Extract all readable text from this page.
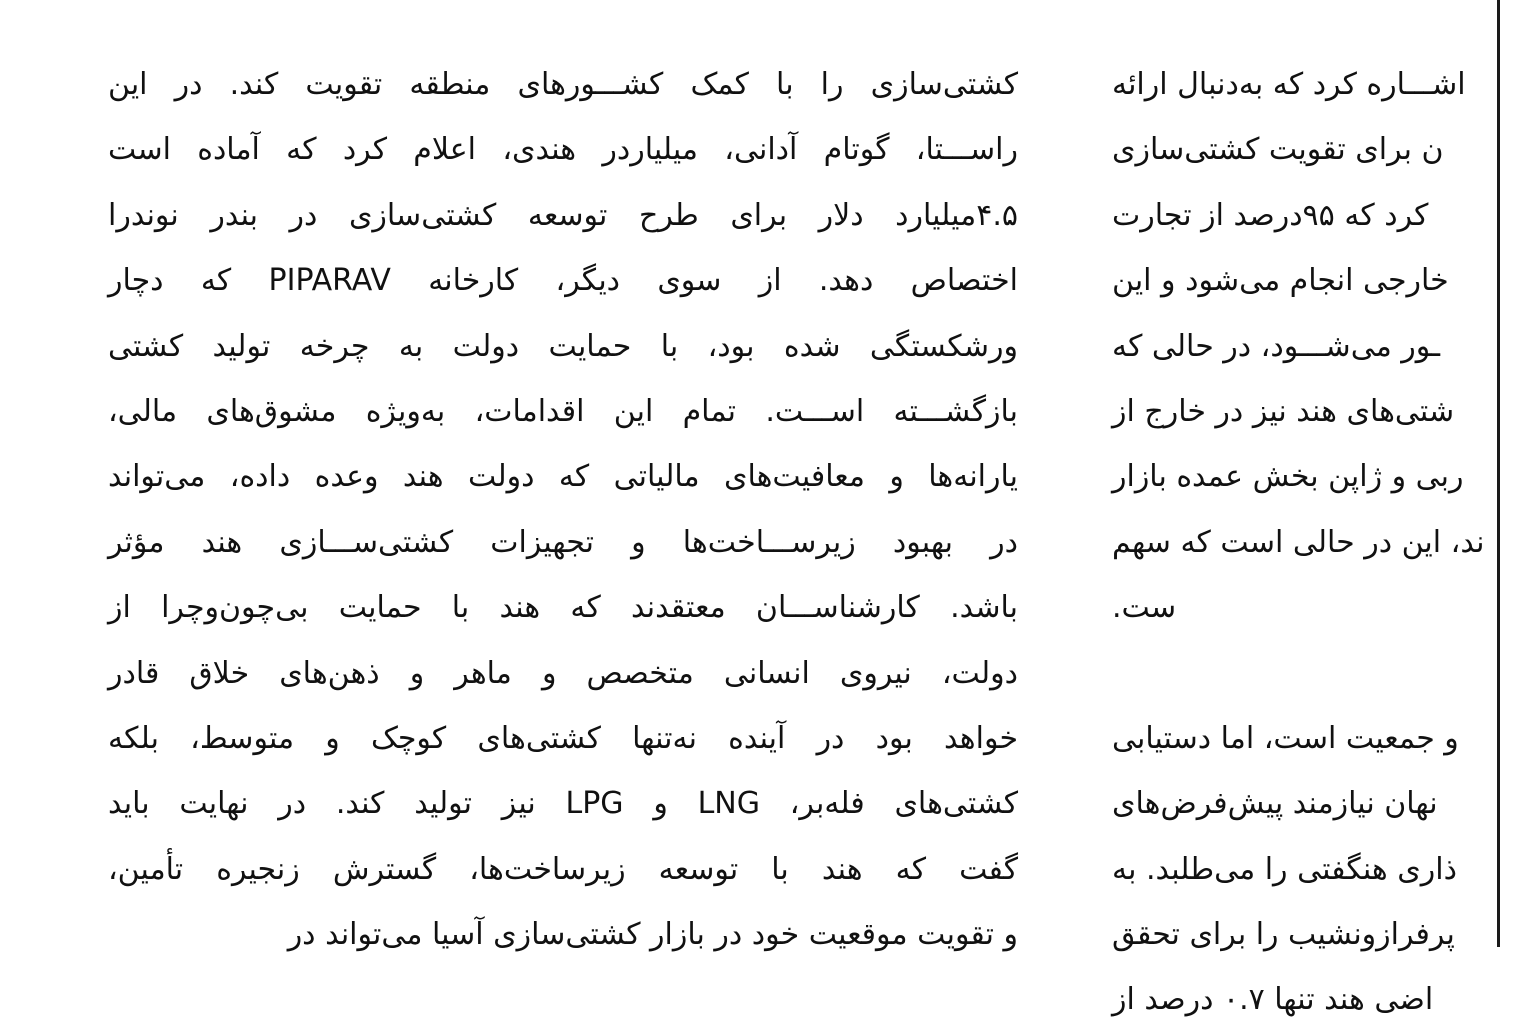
کشتی‌سازی را با کمک کشـــورهای منطقه تقویت کند. در این
راســـتا، گوتام آدانی، میلیاردر هندی، اعلام کرد که آماده است
۴.۵میلیارد دلار برای طرح توسعه کشتی‌سازی در بندر نوندرا
اختصاص دهد. از سوی دیگر، کارخانه PIPARAV که دچار
ورشکستگی شده بود، با حمایت دولت به چرخه تولید کشتی
بازگشـــته اســـت. تمام این اقدامات، به‌ویژه مشوق‌های مالی،
یارانه‌ها و معافیت‌های مالیاتی که دولت هند وعده داده، می‌تواند
در بهبود زیرســـاخت‌ها و تجهیزات کشتی‌ســـازی هند مؤثر
باشد. کارشناســـان معتقدند که هند با حمایت بی‌چون‌وچرا از
دولت، نیروی انسانی متخصص و ماهر و ذهن‌های خلاق قادر
خواهد بود در آینده نه‌تنها کشتی‌های کوچک و متوسط، بلکه
کشتی‌های فله‌بر، LNG و LPG نیز تولید کند. در نهایت باید
گفت که هند با توسعه زیرساخت‌ها، گسترش زنجیره تأمین،
و تقویت موقعیت خود در بازار کشتی‌سازی آسیا می‌تواند در
اشـــاره کرد که به‌دنبال ارائه
ن برای تقویت کشتی‌سازی
کرد که ۹۵درصد از تجارت
خارجی انجام می‌شود و این
ـور می‌شـــود، در حالی که
شتی‌های هند نیز در خارج از
ربی و ژاپن بخش عمده بازار
ند، این در حالی است که سهم
ست.
و جمعیت است، اما دستیابی
نهان نیازمند پیش‌فرض‌های
ذاری هنگفتی را می‌طلبد. به
پرفرازونشیب را برای تحقق
اضی هند تنها ۰.۷ درصد از
